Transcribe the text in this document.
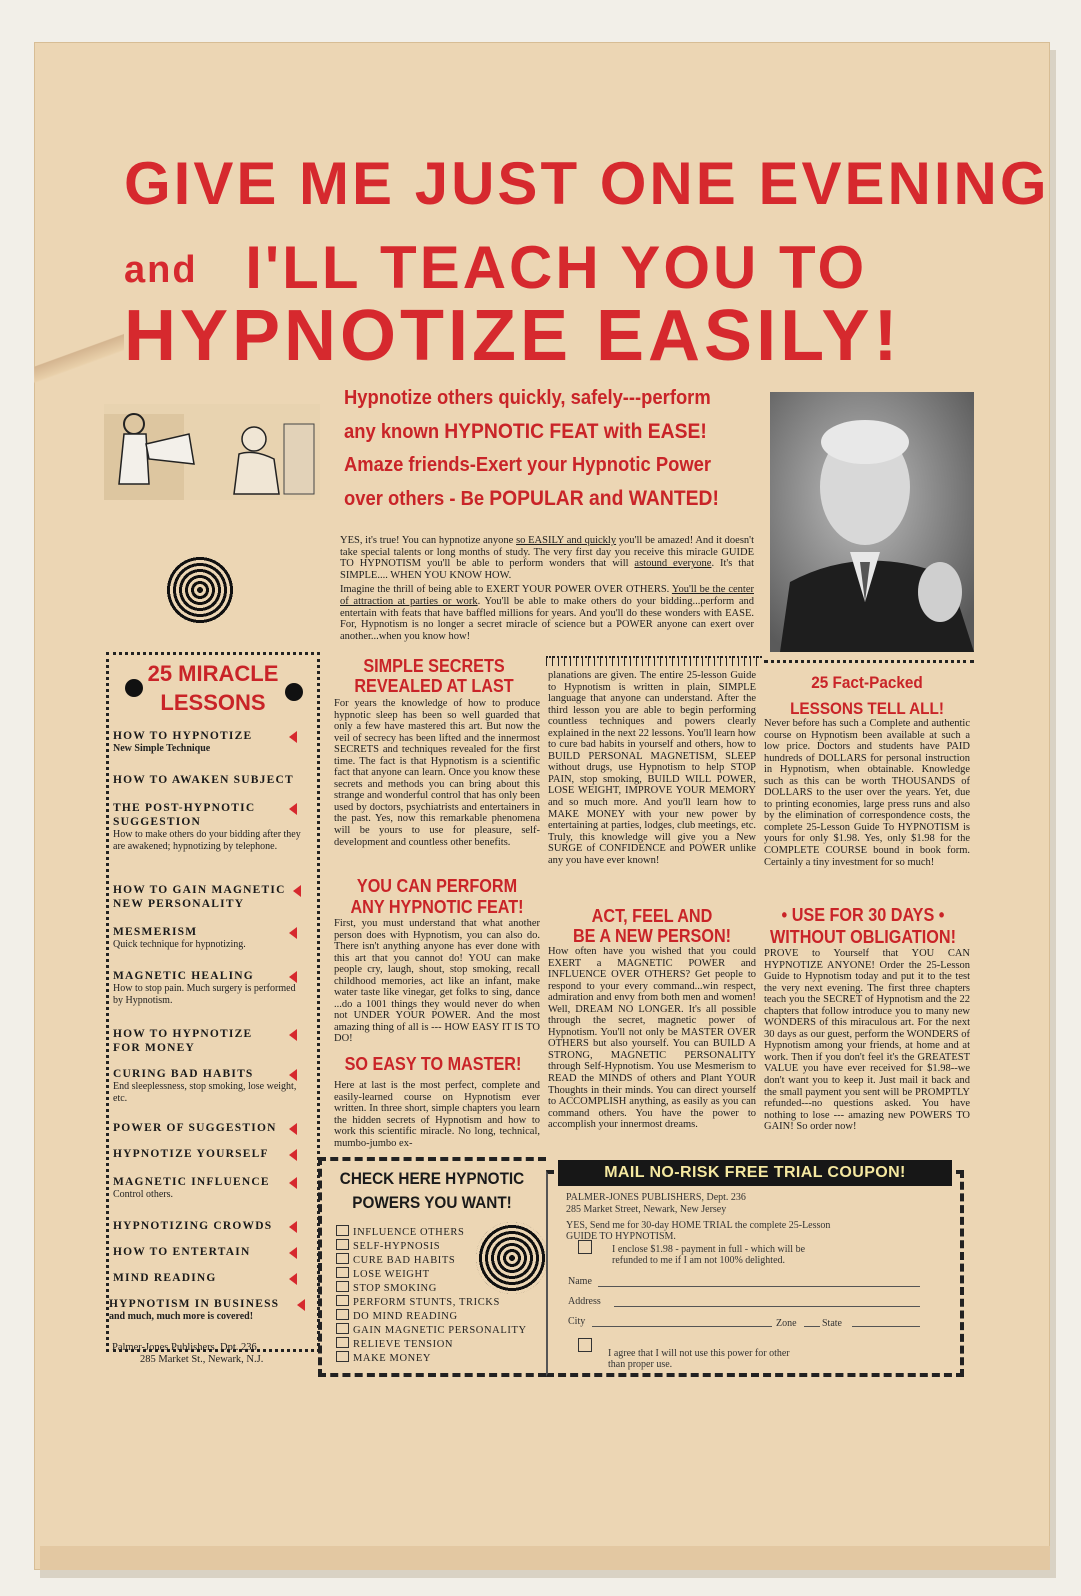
GIVE ME JUST ONE EVENING
and I'LL TEACH YOU TO
HYPNOTIZE EASILY!
Hypnotize others quickly, safely---perform
any known HYPNOTIC FEAT with EASE!
Amaze friends-Exert your Hypnotic Power
over others - Be POPULAR and WANTED!

YES, it's true! You can hypnotize anyone so EASILY and quickly you'll be amazed! And it doesn't take special talents or long months of study. The very first day you receive this miracle GUIDE TO HYPNOTISM you'll be able to perform wonders that will astound everyone. It's that SIMPLE.... WHEN YOU KNOW HOW.

Imagine the thrill of being able to EXERT YOUR POWER OVER OTHERS. You'll be the center of attraction at parties or work. You'll be able to make others do your bidding...perform and entertain with feats that have baffled millions for years. And you'll do these wonders with EASE. For, Hypnotism is no longer a secret miracle of science but a POWER anyone can exert over another...when you know how!

25 MIRACLE
LESSONS
HOW TO HYPNOTIZE
New Simple Technique
HOW TO AWAKEN SUBJECT
THE POST-HYPNOTIC SUGGESTION
How to make others do your bidding after they are awakened; hypnotizing by telephone.
HOW TO GAIN MAGNETIC NEW PERSONALITY
MESMERISM
Quick technique for hypnotizing.
MAGNETIC HEALING
How to stop pain. Much surgery is performed by Hypnotism.
HOW TO HYPNOTIZE FOR MONEY
CURING BAD HABITS
End sleeplessness, stop smoking, lose weight, etc.
POWER OF SUGGESTION
HYPNOTIZE YOURSELF
MAGNETIC INFLUENCE
Control others.
HYPNOTIZING CROWDS
HOW TO ENTERTAIN
MIND READING
HYPNOTISM IN BUSINESS
and much, much more is covered!
Palmer-Jones Publishers, Dpt. 236
285 Market St., Newark, N.J.
SIMPLE SECRETS
REVEALED AT LAST
For years the knowledge of how to produce hypnotic sleep has been so well guarded that only a few have mastered this art. But now the veil of secrecy has been lifted and the innermost SECRETS and techniques revealed for the first time. The fact is that Hypnotism is a scientific fact that anyone can learn. Once you know these secrets and methods you can bring about this strange and wonderful control that has only been used by doctors, psychiatrists and entertainers in the past. Yes, now this remarkable phenomena will be yours to use for pleasure, self-development and countless other benefits.
YOU CAN PERFORM
ANY HYPNOTIC FEAT!
First, you must understand that what another person does with Hypnotism, you can also do. There isn't anything anyone has ever done with this art that you cannot do! YOU can make people cry, laugh, shout, stop smoking, recall childhood memories, act like an infant, make water taste like vinegar, get folks to sing, dance ...do a 1001 things they would never do when not UNDER YOUR POWER. And the most amazing thing of all is --- HOW EASY IT IS TO DO!
SO EASY TO MASTER!
Here at last is the most perfect, complete and easily-learned course on Hypnotism ever written. In three short, simple chapters you learn the hidden secrets of Hypnotism and how to work this scientific miracle. No long, technical, mumbo-jumbo ex-
planations are given. The entire 25-lesson Guide to Hypnotism is written in plain, SIMPLE language that anyone can understand. After the third lesson you are able to begin performing countless techniques and powers clearly explained in the next 22 lessons. You'll learn how to cure bad habits in yourself and others, how to BUILD PERSONAL MAGNETISM, SLEEP without drugs, use Hypnotism to help STOP PAIN, stop smoking, BUILD WILL POWER, LOSE WEIGHT, IMPROVE YOUR MEMORY and so much more. And you'll learn how to MAKE MONEY with your new power by entertaining at parties, lodges, club meetings, etc. Truly, this knowledge will give you a New SURGE of CONFIDENCE and POWER unlike any you have ever known!
ACT, FEEL AND
BE A NEW PERSON!
How often have you wished that you could EXERT a MAGNETIC POWER and INFLUENCE OVER OTHERS? Get people to respond to your every command...win respect, admiration and envy from both men and women! Well, DREAM NO LONGER. It's all possible through the secret, magnetic power of Hypnotism. You'll not only be MASTER OVER OTHERS but also yourself. You can BUILD A STRONG, MAGNETIC PERSONALITY through Self-Hypnotism. You use Mesmerism to READ the MINDS of others and Plant YOUR Thoughts in their minds. You can direct yourself to ACCOMPLISH anything, as easily as you can command others. You have the power to accomplish your innermost dreams.
25 Fact-Packed
LESSONS TELL ALL!
Never before has such a Complete and authentic course on Hypnotism been available at such a low price. Doctors and students have PAID hundreds of DOLLARS for personal instruction in Hypnotism, when obtainable. Knowledge such as this can be worth THOUSANDS of DOLLARS to the user over the years. Yet, due to printing economies, large press runs and also by the elimination of correspondence costs, the complete 25-Lesson Guide To HYPNOTISM is yours for only $1.98. Yes, only $1.98 for the COMPLETE COURSE bound in book form. Certainly a tiny investment for so much!
• USE FOR 30 DAYS •
WITHOUT OBLIGATION!
PROVE to Yourself that YOU CAN HYPNOTIZE ANYONE! Order the 25-Lesson Guide to Hypnotism today and put it to the test the very next evening. The first three chapters teach you the SECRET of Hypnotism and the 22 chapters that follow introduce you to many new WONDERS of this miraculous art. For the next 30 days as our guest, perform the WONDERS of Hypnotism among your friends, at home and at work. Then if you don't feel it's the GREATEST VALUE you have ever received for $1.98--we don't want you to keep it. Just mail it back and the small payment you sent will be PROMPTLY refunded---no questions asked. You have nothing to lose --- amazing new POWERS TO GAIN! So order now!
CHECK HERE HYPNOTIC
POWERS YOU WANT!
INFLUENCE OTHERS
SELF-HYPNOSIS
CURE BAD HABITS
LOSE WEIGHT
STOP SMOKING
PERFORM STUNTS, TRICKS
DO MIND READING
GAIN MAGNETIC PERSONALITY
RELIEVE TENSION
MAKE MONEY
MAIL NO-RISK FREE TRIAL COUPON!
PALMER-JONES PUBLISHERS, Dept. 236
285 Market Street, Newark, New Jersey
YES, Send me for 30-day HOME TRIAL the complete 25-Lesson
GUIDE TO HYPNOTISM.
I enclose $1.98 - payment in full - which will be
refunded to me if I am not 100% delighted.
Name
Address
City	Zone	State
I agree that I will not use this power for other
than proper use.
